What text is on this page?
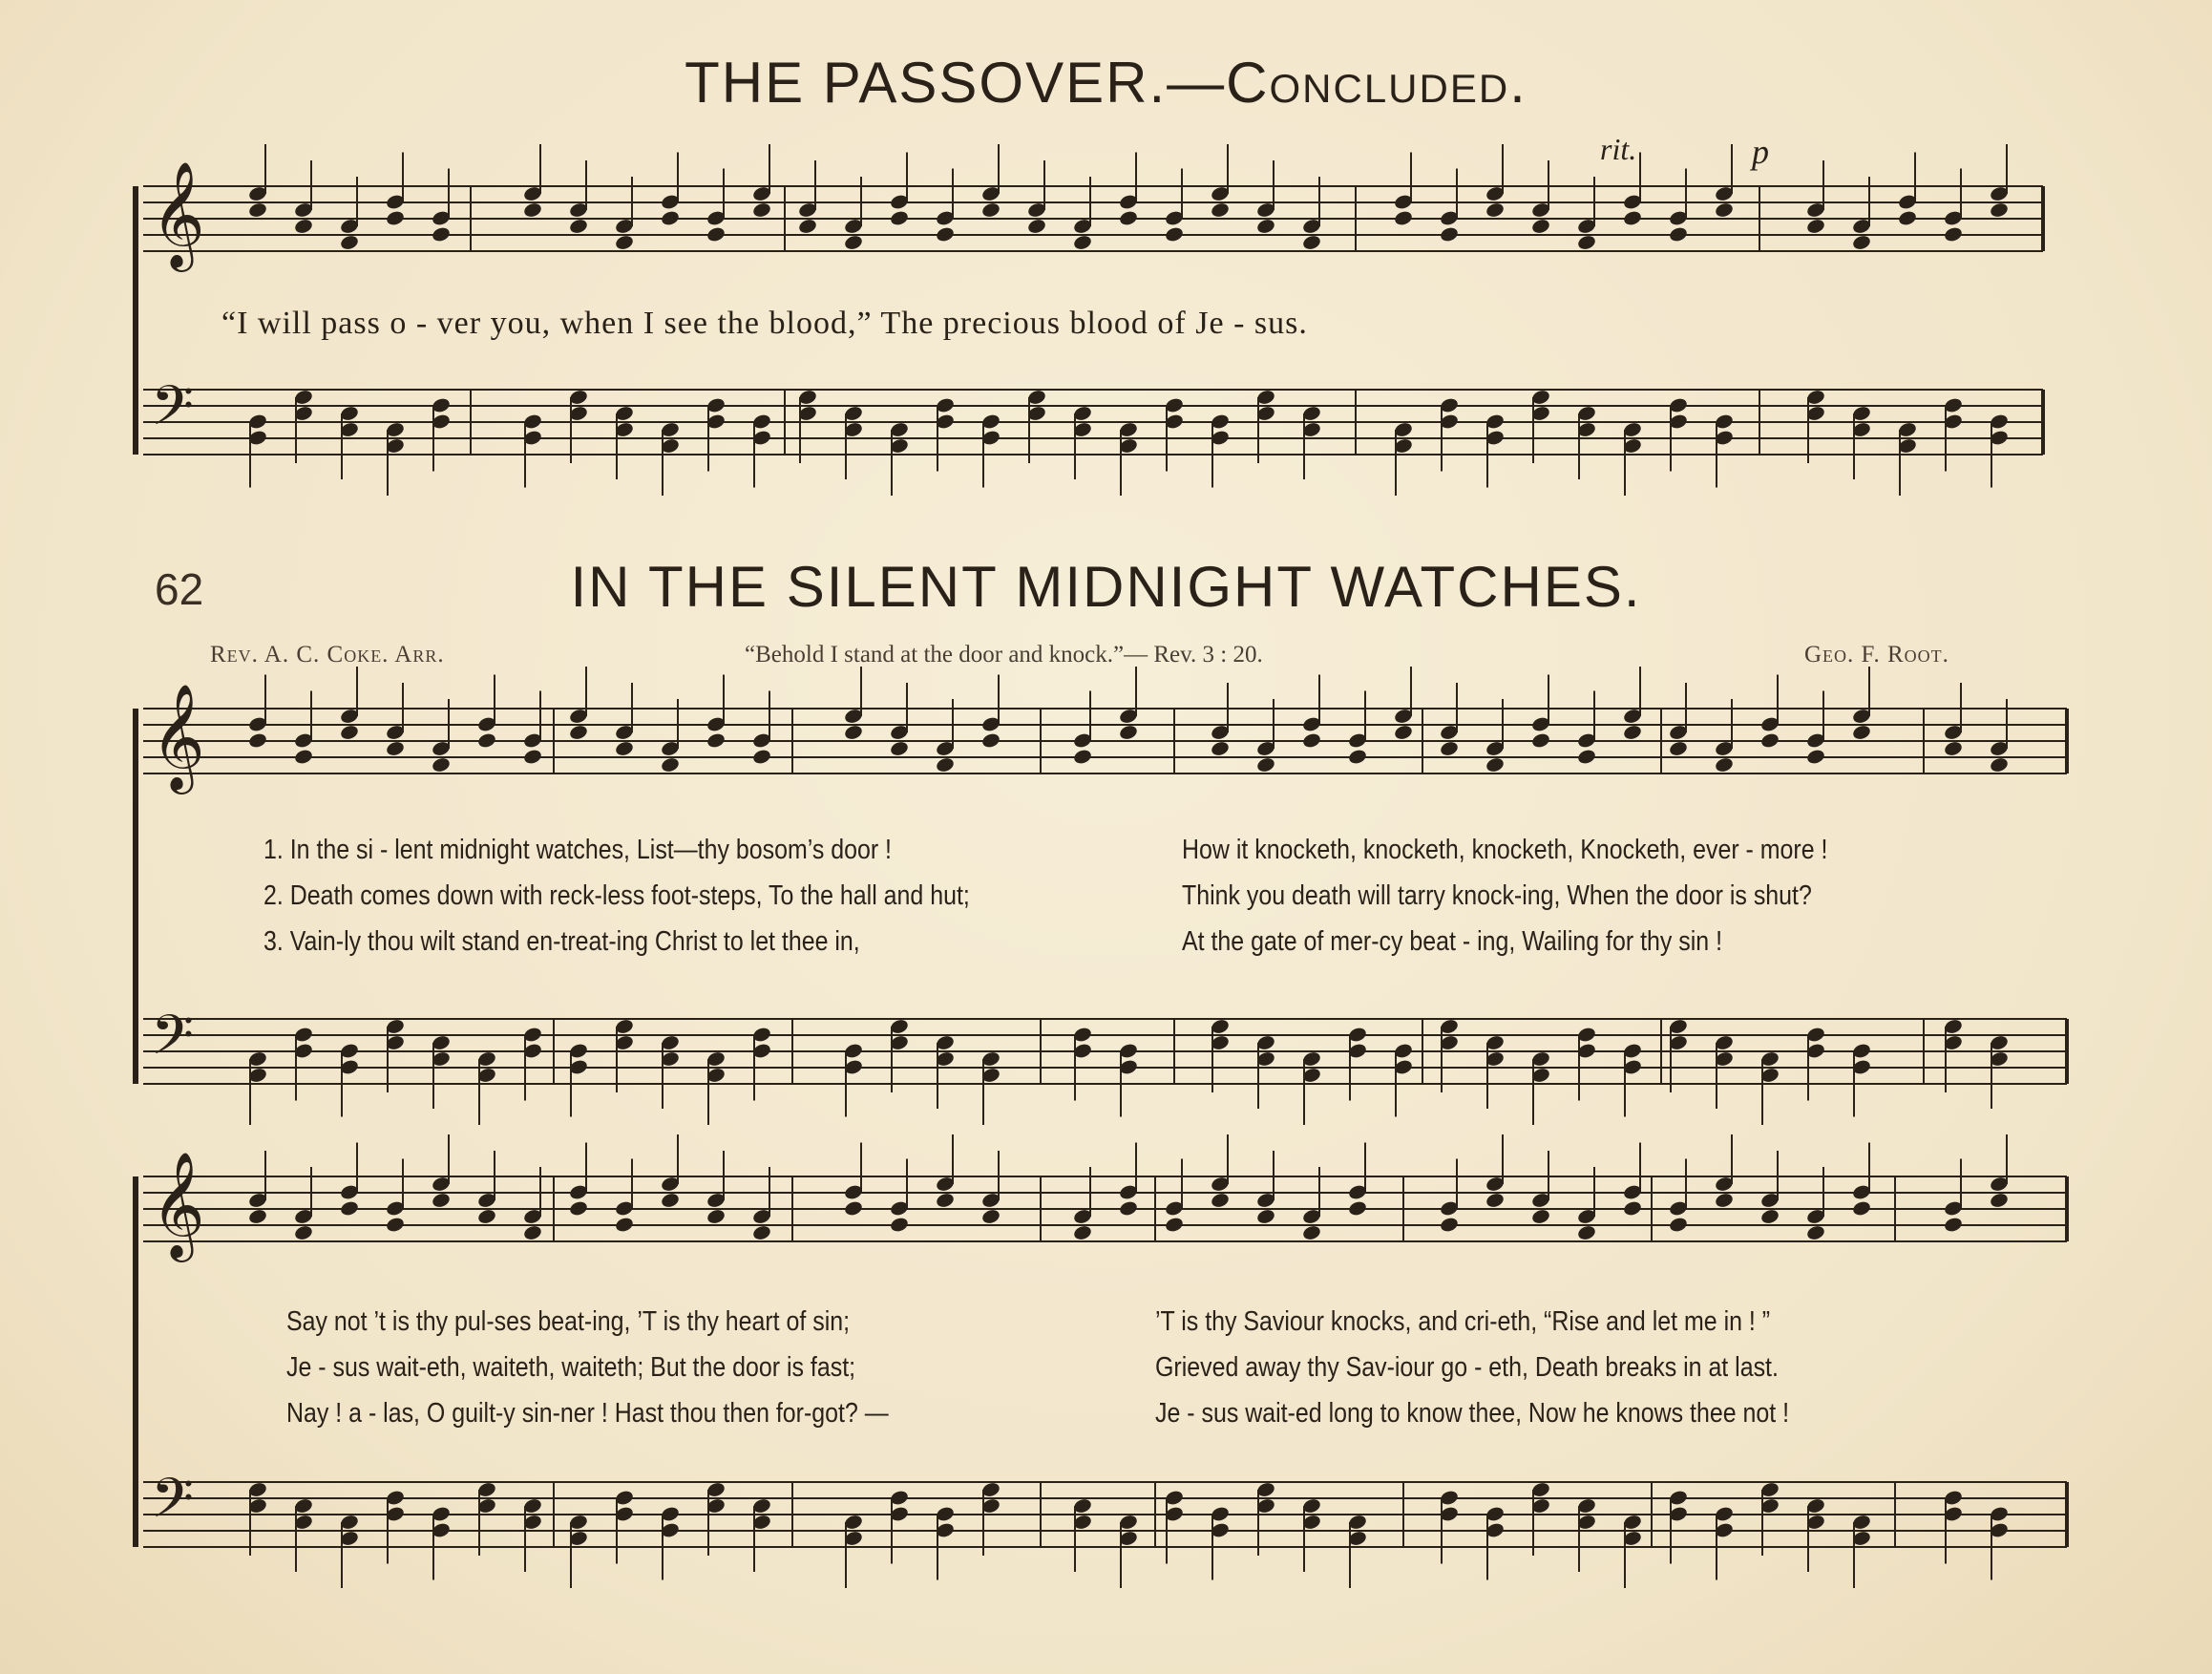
THE PASSOVER.—Concluded.
rit.	p
“I will pass o - ver you, when I see the blood,” The precious blood of Je - sus.
62	IN THE SILENT MIDNIGHT WATCHES.
Rev. A. C. Coke. Arr.	“Behold I stand at the door and knock.”— Rev. 3 : 20.	Geo. F. Root.
1. In the si - lent midnight watches, List—thy bosom’s door !
2. Death comes down with reck-less foot-steps, To the hall and hut;
3. Vain-ly thou wilt stand en-treat-ing Christ to let thee in,
How it knocketh, knocketh, knocketh, Knocketh, ever - more !
Think you death will tarry knock-ing, When the door is shut?
At the gate of mer-cy beat - ing, Wailing for thy sin !
Say not ’t is thy pul-ses beat-ing, ’T is thy heart of sin;
Je - sus wait-eth, waiteth, waiteth; But the door is fast;
Nay ! a - las, O guilt-y sin-ner ! Hast thou then for-got? —
’T is thy Saviour knocks, and cri-eth, “Rise and let me in ! ”
Grieved away thy Sav-iour go - eth, Death breaks in at last.
Je - sus wait-ed long to know thee, Now he knows thee not !
𝄞
𝄢
𝄞
𝄢
𝄞
𝄢
